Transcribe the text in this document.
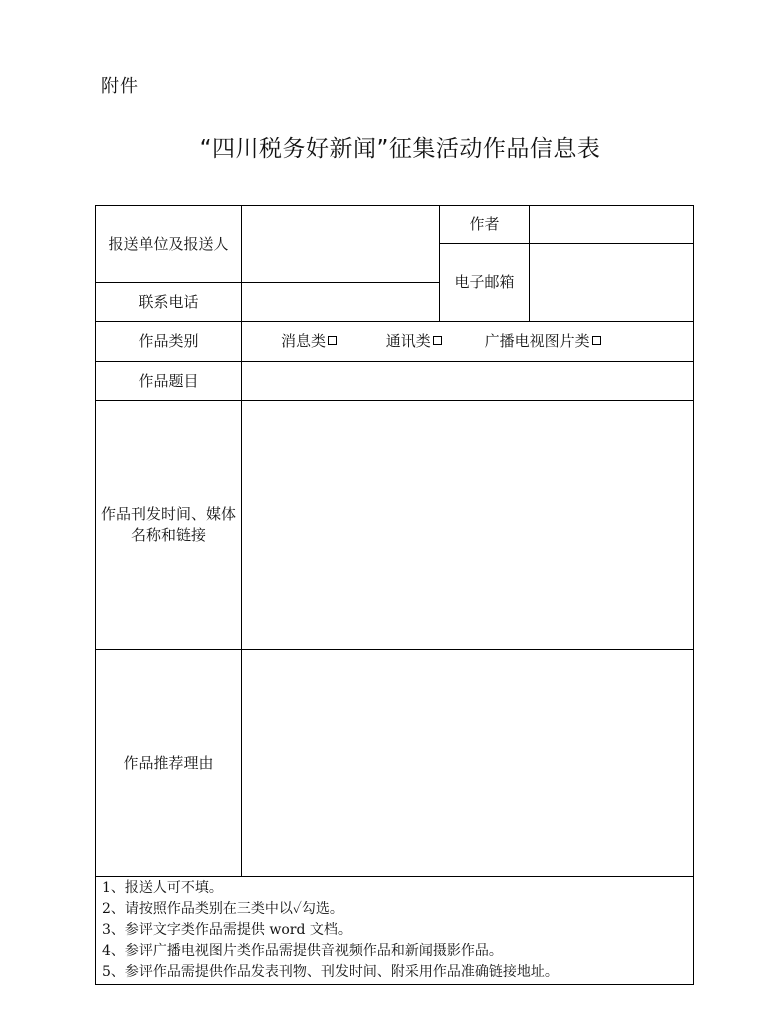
附件
“四川税务好新闻”征集活动作品信息表
报送单位及报送人		作者	
		电子邮箱	
联系电话			
作品类别	消息类 通讯类 广播电视图片类		
作品题目			
作品刊发时间、媒体名称和链接			
作品推荐理由			

1、报送人可不填。
2、请按照作品类别在三类中以✓勾选。
3、参评文字类作品需提供 word 文档。
4、参评广播电视图片类作品需提供音视频作品和新闻摄影作品。
5、参评作品需提供作品发表刊物、刊发时间、附采用作品准确链接地址。			
